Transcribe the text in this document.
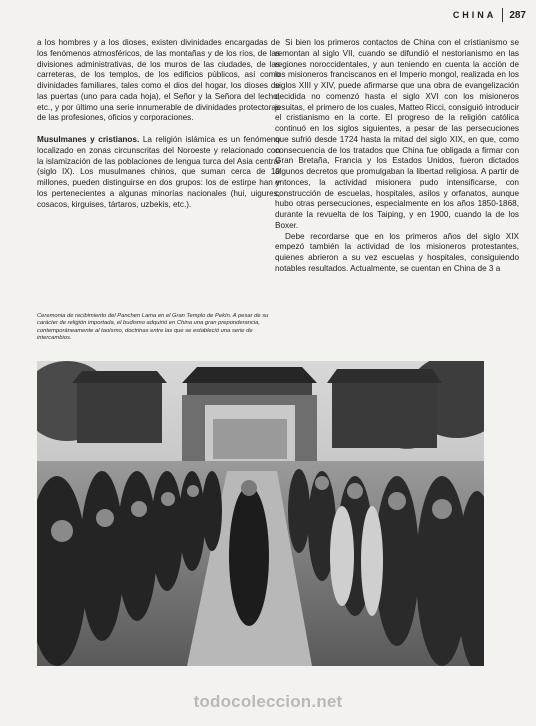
CHINA 287

a los hombres y a los dioses, existen divinidades encargadas de los fenómenos atmosféricos, de las montañas y de los ríos, de las divisiones administrativas, de los muros de las ciudades, de las carreteras, de los templos, de los edificios públicos, así como divinidades familiares, tales como el dios del hogar, los dioses de las puertas (uno para cada hoja), el Señor y la Señora del lecho, etc., y por último una serie innumerable de divinidades protectoras de las profesiones, oficios y corporaciones.

Musulmanes y cristianos. La religión islámica es un fenómeno localizado en zonas circunscritas del Noroeste y relacionado con la islamización de las poblaciones de lengua turca del Asia central (siglo IX). Los musulmanes chinos, que suman cerca de 10 millones, pueden distinguirse en dos grupos: los de estirpe han y los pertenecientes a algunas minorías nacionales (hui, uigures, cosacos, kirguises, tártaros, uzbekis, etc.).

Ceremonia de recibimiento del Panchen Lama en el Gran Templo de Pekín. A pesar de su carácter de religión importada, el budismo adquirió en China una gran preponderancia, contemporáneamente al taoísmo, doctrinas entre las que se estableció una serie de intercambios.

Si bien los primeros contactos de China con el cristianismo se remontan al siglo VII, cuando se difundió el nestorianismo en las regiones noroccidentales, y aun teniendo en cuenta la acción de los misioneros franciscanos en el Imperio mongol, realizada en los siglos XIII y XIV, puede afirmarse que una obra de evangelización decidida no comenzó hasta el siglo XVI con los misioneros jesuitas, el primero de los cuales, Matteo Ricci, consiguió introducir el cristianismo en la corte. El progreso de la religión católica continuó en los siglos siguientes, a pesar de las persecuciones que sufrió desde 1724 hasta la mitad del siglo XIX, en que, como consecuencia de los tratados que China fue obligada a firmar con Gran Bretaña, Francia y los Estados Unidos, fueron dictados algunos decretos que promulgaban la libertad religiosa. A partir de entonces, la actividad misionera pudo intensificarse, con construcción de escuelas, hospitales, asilos y orfanatos, aunque hubo otras persecuciones, especialmente en los años 1850-1868, durante la revuelta de los Taiping, y en 1900, cuando la de los Boxer.

Debe recordarse que en los primeros años del siglo XIX empezó también la actividad de los misioneros protestantes, quienes abrieron a su vez escuelas y hospitales, consiguiendo notables resultados. Actualmente, se cuentan en China de 3 a

todocoleccion.net
